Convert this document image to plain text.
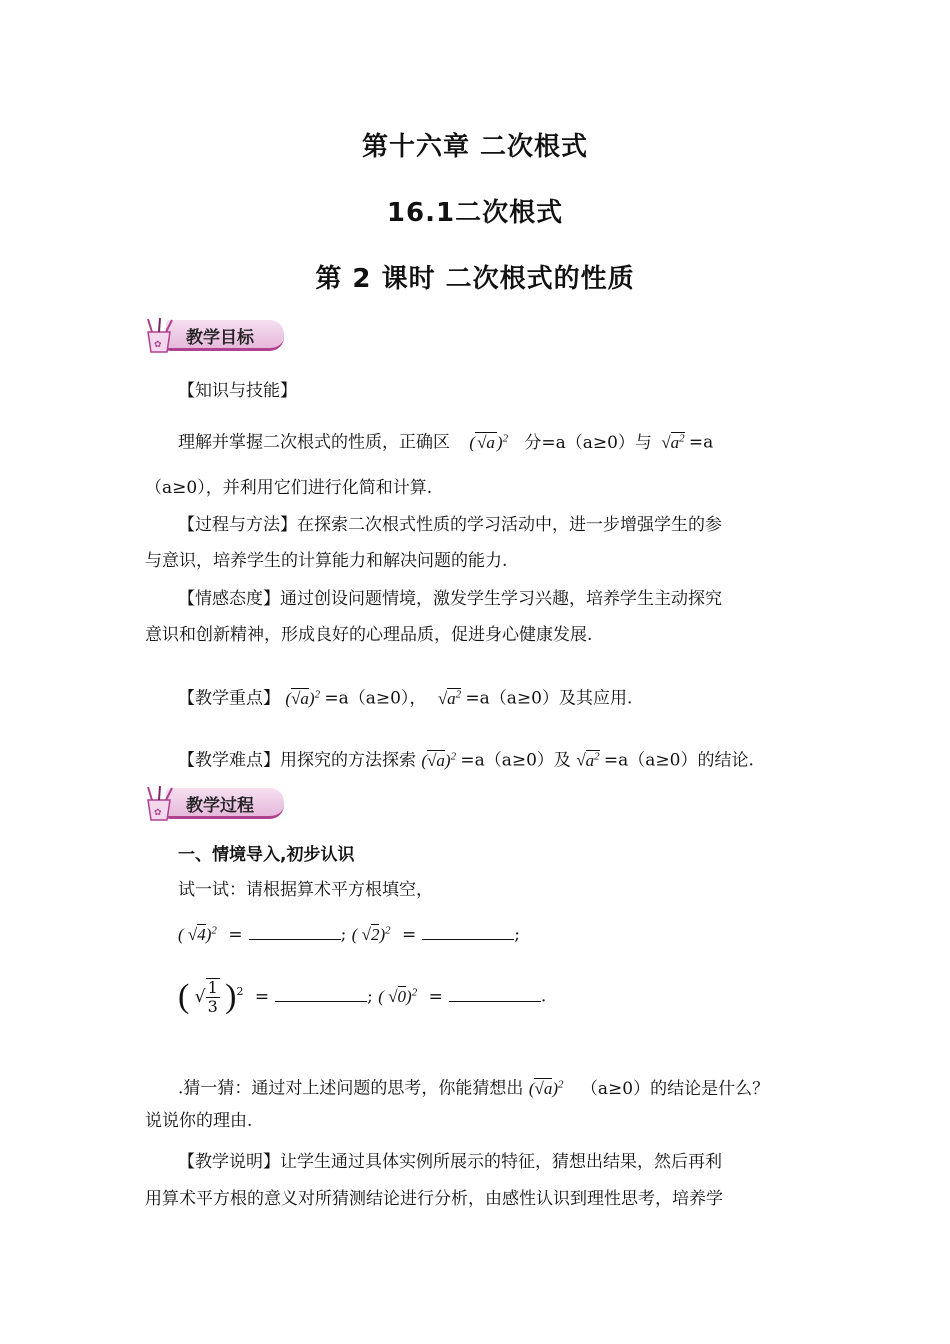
第十六章 二次根式
16.1二次根式
第 2 课时 二次根式的性质
✿ 教学目标
【知识与技能】
理解并掌握二次根式的性质，正确区 ( √a )$^2$ 分=a（a≥0）与 $√a^2 =a$
（a≥0），并利用它们进行化简和计算.
【过程与方法】在探索二次根式性质的学习活动中，进一步增强学生的参
与意识，培养学生的计算能力和解决问题的能力.
【情感态度】通过创设问题情境，激发学生学习兴趣，培养学生主动探究
意识和创新精神，形成良好的心理品质，促进身心健康发展.
【教学重点】 $(√a)^2 =a(a\ge 0)$， $√a^2 =a(a\ge 0)$及其应用.
【教学难点】用探究的方法探索 $(√a)^2 =a(a\ge 0)$及 $√a^2 =a(a\ge 0)$的结论.
✿ 教学过程
一、情境导入,初步认识
试一试：请根据算术平方根填空，
( √4)$^2$ =	; ( √2)$^2$ =	;
( √ $\frac{1}{3} )^2$ =	; ( √0)$^2$ =	.
.猜一猜：通过对上述问题的思考，你能猜想出 $(√a)^2$ （a≥0）的结论是什么？
说说你的理由.
【教学说明】让学生通过具体实例所展示的特征，猜想出结果，然后再利
用算术平方根的意义对所猜测结论进行分析，由感性认识到理性思考，培养学
